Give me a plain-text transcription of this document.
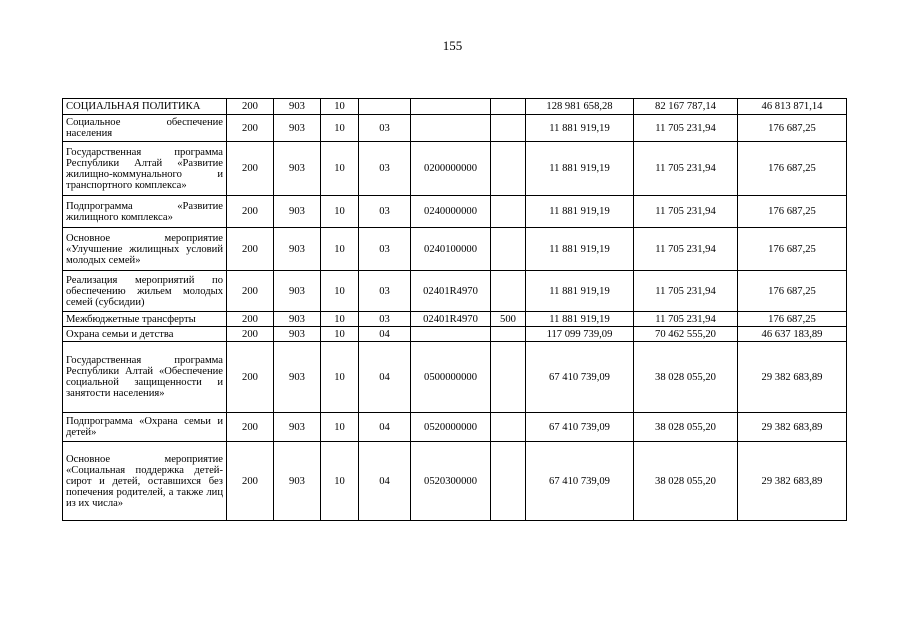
155
СОЦИАЛЬНАЯ ПОЛИТИКА	200	903	10				128 981 658,28	82 167 787,14	46 813 871,14
Социальное обеспечение населения	200	903	10	03			11 881 919,19	11 705 231,94	176 687,25
Государственная программа Республики Алтай «Развитие жилищно-коммунального и транспортного комплекса»	200	903	10	03	0200000000		11 881 919,19	11 705 231,94	176 687,25
Подпрограмма «Развитие жилищного комплекса»	200	903	10	03	0240000000		11 881 919,19	11 705 231,94	176 687,25
Основное мероприятие «Улучшение жилищных условий молодых семей»	200	903	10	03	0240100000		11 881 919,19	11 705 231,94	176 687,25
Реализация мероприятий по обеспечению жильем молодых семей (субсидии)	200	903	10	03	02401R4970		11 881 919,19	11 705 231,94	176 687,25
Межбюджетные трансферты	200	903	10	03	02401R4970	500	11 881 919,19	11 705 231,94	176 687,25
Охрана семьи и детства	200	903	10	04			117 099 739,09	70 462 555,20	46 637 183,89
Государственная программа Республики Алтай «Обеспечение социальной защищенности и занятости населения»	200	903	10	04	0500000000		67 410 739,09	38 028 055,20	29 382 683,89
Подпрограмма «Охрана семьи и детей»	200	903	10	04	0520000000		67 410 739,09	38 028 055,20	29 382 683,89
Основное мероприятие «Социальная поддержка детей-сирот и детей, оставшихся без попечения родителей, а также лиц из их числа»	200	903	10	04	0520300000		67 410 739,09	38 028 055,20	29 382 683,89
